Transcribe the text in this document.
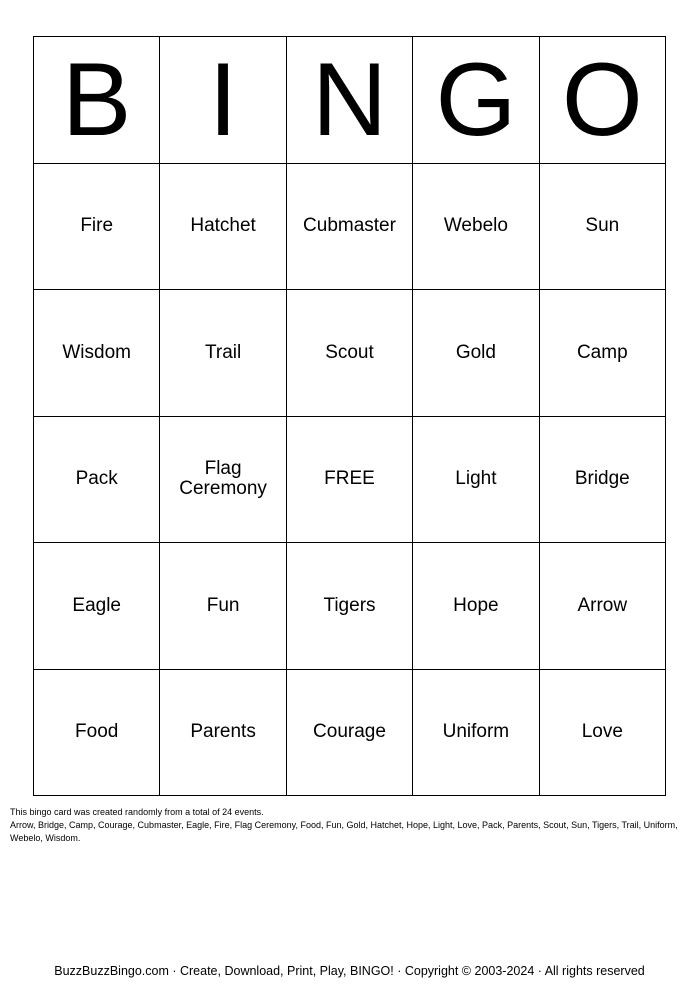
B I N G O
Fire	Hatchet	Cubmaster	Webelo	Sun
Wisdom	Trail	Scout	Gold	Camp
Pack	Flag Ceremony	FREE	Light	Bridge
Eagle	Fun	Tigers	Hope	Arrow
Food	Parents	Courage	Uniform	Love

This bingo card was created randomly from a total of 24 events.

Arrow, Bridge, Camp, Courage, Cubmaster, Eagle, Fire, Flag Ceremony, Food, Fun, Gold, Hatchet, Hope, Light, Love, Pack, Parents, Scout, Sun, Tigers, Trail, Uniform, Webelo, Wisdom.

BuzzBuzzBingo.com · Create, Download, Print, Play, BINGO! · Copyright © 2003-2024 · All rights reserved
